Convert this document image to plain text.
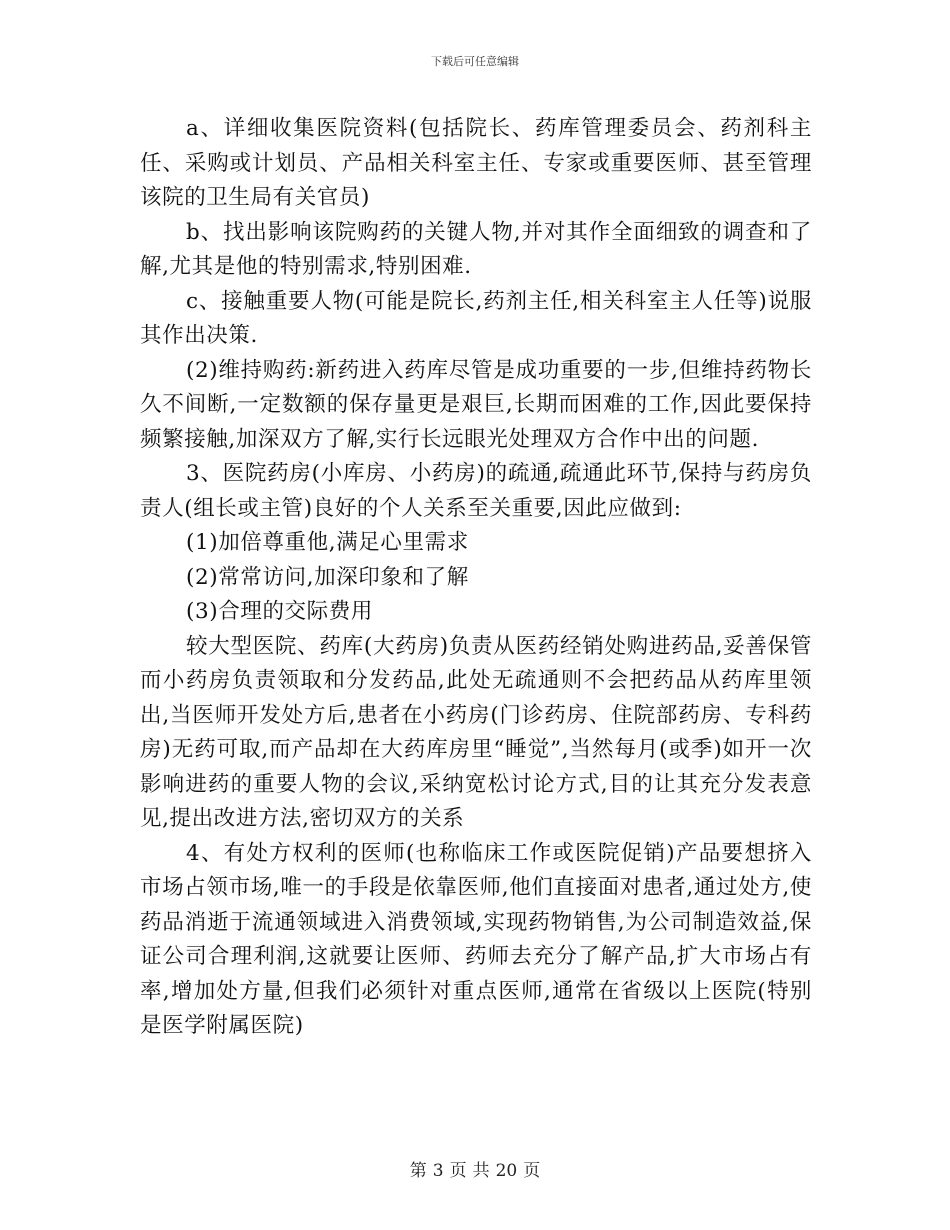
下载后可任意编辑

a、详细收集医院资料(包括院长、药库管理委员会、药剂科主任、采购或计划员、产品相关科室主任、专家或重要医师、甚至管理该院的卫生局有关官员)

b、找出影响该院购药的关键人物,并对其作全面细致的调查和了解,尤其是他的特别需求,特别困难.

c、接触重要人物(可能是院长,药剂主任,相关科室主人任等)说服其作出决策.

(2)维持购药:新药进入药库尽管是成功重要的一步,但维持药物长久不间断,一定数额的保存量更是艰巨,长期而困难的工作,因此要保持频繁接触,加深双方了解,实行长远眼光处理双方合作中出的问题.

3、医院药房(小库房、小药房)的疏通,疏通此环节,保持与药房负责人(组长或主管)良好的个人关系至关重要,因此应做到:

(1)加倍尊重他,满足心里需求

(2)常常访问,加深印象和了解

(3)合理的交际费用

较大型医院、药库(大药房)负责从医药经销处购进药品,妥善保管而小药房负责领取和分发药品,此处无疏通则不会把药品从药库里领出,当医师开发处方后,患者在小药房(门诊药房、住院部药房、专科药房)无药可取,而产品却在大药库房里“睡觉”,当然每月(或季)如开一次影响进药的重要人物的会议,采纳宽松讨论方式,目的让其充分发表意见,提出改进方法,密切双方的关系

4、有处方权利的医师(也称临床工作或医院促销)产品要想挤入市场占领市场,唯一的手段是依靠医师,他们直接面对患者,通过处方,使药品消逝于流通领域进入消费领域,实现药物销售,为公司制造效益,保证公司合理利润,这就要让医师、药师去充分了解产品,扩大市场占有率,增加处方量,但我们必须针对重点医师,通常在省级以上医院(特别是医学附属医院)

第 3 页 共 20 页
